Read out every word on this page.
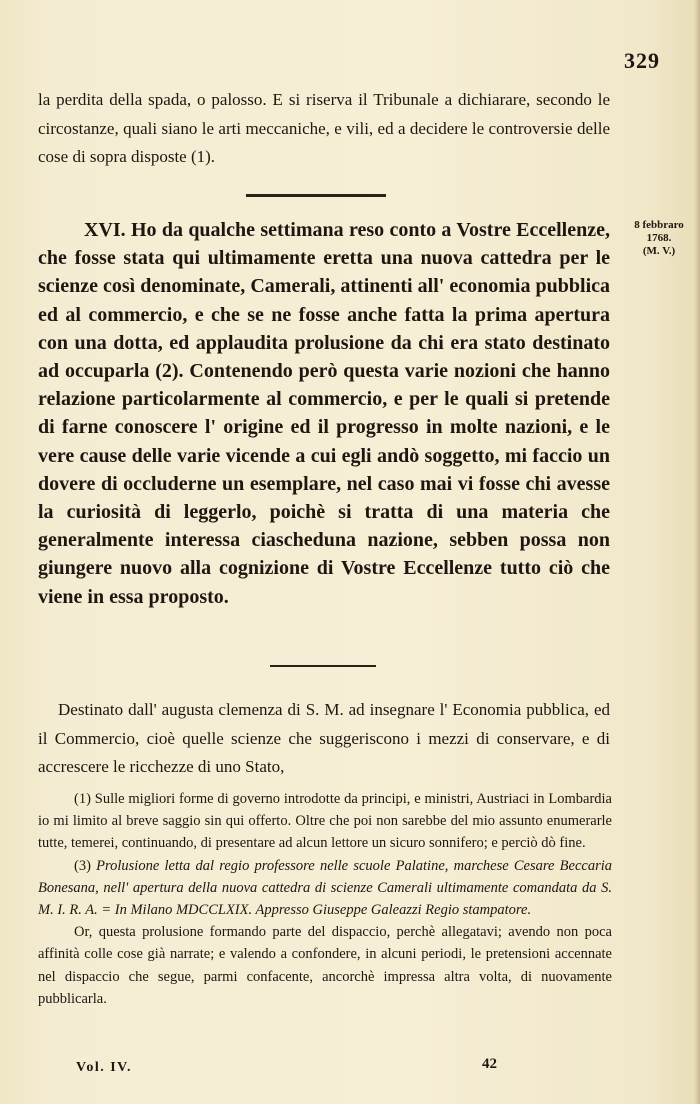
329

la perdita della spada, o palosso. E si riserva il Tribunale a dichiarare, secondo le circostanze, quali siano le arti meccaniche, e vili, ed a decidere le controversie delle cose di sopra disposte (1).

XVI. Ho da qualche settimana reso conto a Vostre Eccellenze, che fosse stata qui ultimamente eretta una nuova cattedra per le scienze così denominate, Camerali, attinenti all' economia pubblica ed al commercio, e che se ne fosse anche fatta la prima apertura con una dotta, ed applaudita prolusione da chi era stato destinato ad occuparla (2). Contenendo però questa varie nozioni che hanno relazione particolarmente al commercio, e per le quali si pretende di farne conoscere l' origine ed il progresso in molte nazioni, e le vere cause delle varie vicende a cui egli andò soggetto, mi faccio un dovere di occluderne un esemplare, nel caso mai vi fosse chi avesse la curiosità di leggerlo, poichè si tratta di una materia che generalmente interessa ciascheduna nazione, sebben possa non giungere nuovo alla cognizione di Vostre Eccellenze tutto ciò che viene in essa proposto.

8 febbraro
1768.
(M. V.)

Destinato dall' augusta clemenza di S. M. ad insegnare l' Economia pubblica, ed il Commercio, cioè quelle scienze che suggeriscono i mezzi di conservare, e di accrescere le ricchezze di uno Stato,

(1) Sulle migliori forme di governo introdotte da principi, e ministri, Austriaci in Lombardia io mi limito al breve saggio sin qui offerto. Oltre che poi non sarebbe del mio assunto enumerarle tutte, temerei, continuando, di presentare ad alcun lettore un sicuro sonnifero; e perciò dò fine.

(3) Prolusione letta dal regio professore nelle scuole Palatine, marchese Cesare Beccaria Bonesana, nell' apertura della nuova cattedra di scienze Camerali ultimamente comandata da S. M. I. R. A. = In Milano MDCCLXIX. Appresso Giuseppe Galeazzi Regio stampatore.

Or, questa prolusione formando parte del dispaccio, perchè allegatavi; avendo non poca affinità colle cose già narrate; e valendo a confondere, in alcuni periodi, le pretensioni accennate nel dispaccio che segue, parmi confacente, ancorchè impressa altra volta, di nuovamente pubblicarla.

Vol. IV.	42
